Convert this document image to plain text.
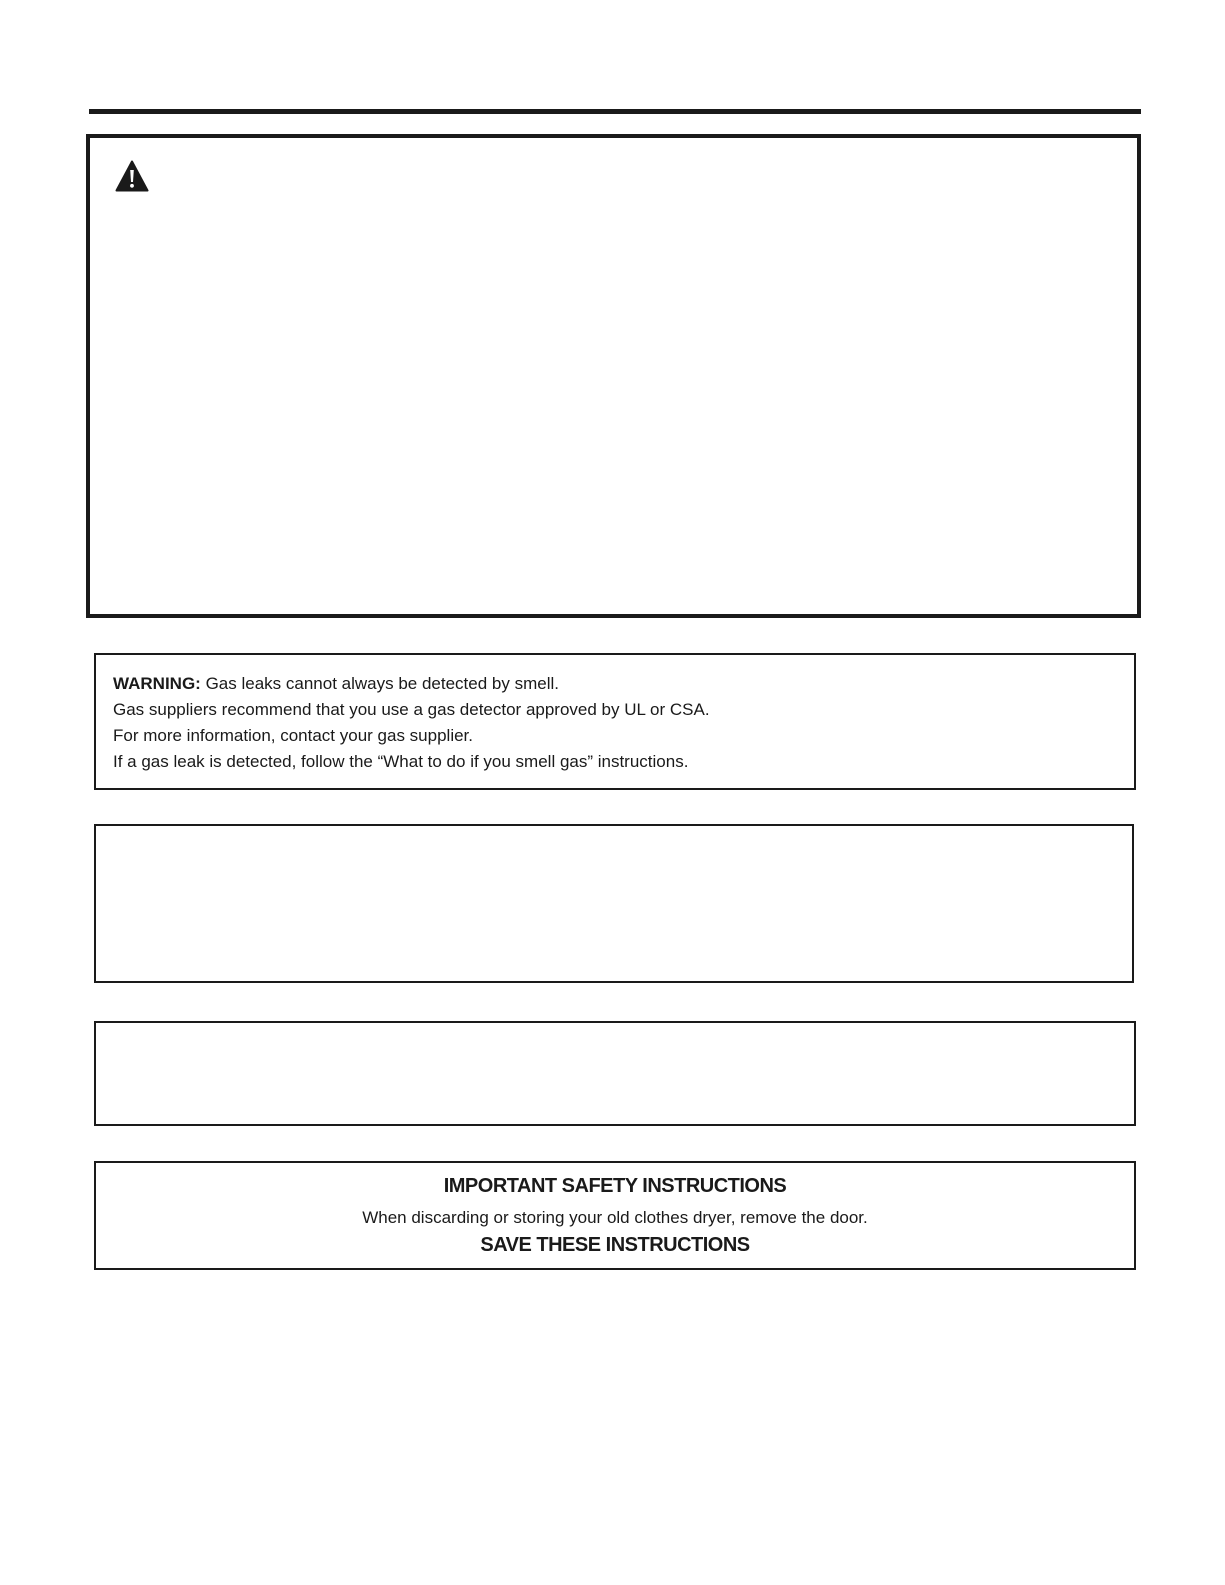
WARNING: Gas leaks cannot always be detected by smell.
Gas suppliers recommend that you use a gas detector approved by UL or CSA.
For more information, contact your gas supplier.
If a gas leak is detected, follow the “What to do if you smell gas” instructions.
IMPORTANT SAFETY INSTRUCTIONS
When discarding or storing your old clothes dryer, remove the door.
SAVE THESE INSTRUCTIONS
